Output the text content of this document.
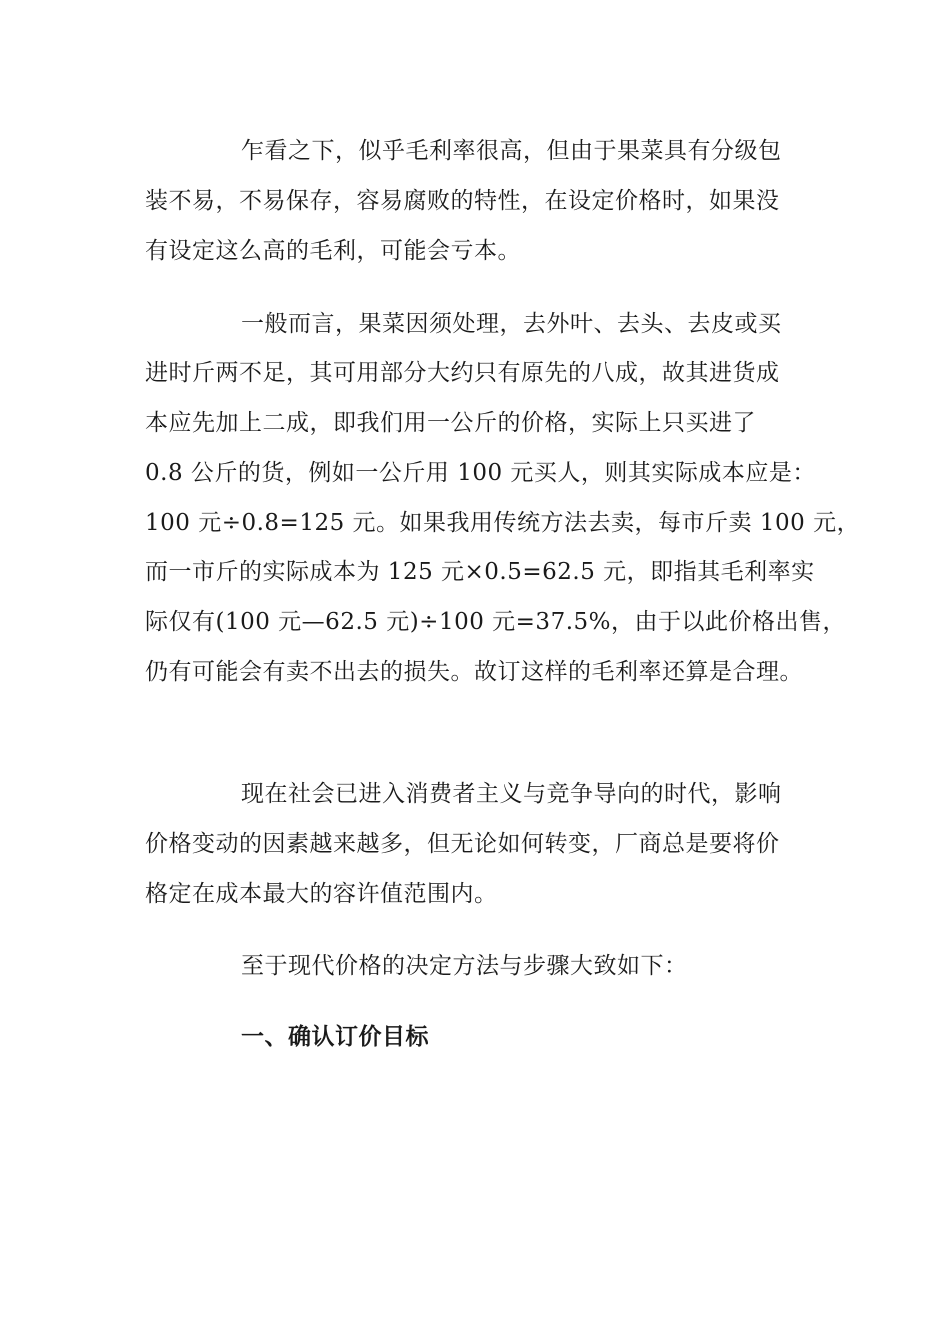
乍看之下，似乎毛利率很高，但由于果菜具有分级包
装不易，不易保存，容易腐败的特性，在设定价格时，如果没
有设定这么高的毛利，可能会亏本。
一般而言，果菜因须处理，去外叶、去头、去皮或买
进时斤两不足，其可用部分大约只有原先的八成，故其进货成
本应先加上二成，即我们用一公斤的价格，实际上只买进了
0.8 公斤的货，例如一公斤用 100 元买人，则其实际成本应是：
100 元÷0.8=125 元。如果我用传统方法去卖，每市斤卖 100 元，
而一市斤的实际成本为 125 元×0.5=62.5 元，即指其毛利率实
际仅有(100 元—62.5 元)÷100 元=37.5%，由于以此价格出售，
仍有可能会有卖不出去的损失。故订这样的毛利率还算是合理。
现在社会已进入消费者主义与竞争导向的时代，影响
价格变动的因素越来越多，但无论如何转变，厂商总是要将价
格定在成本最大的容许值范围内。
至于现代价格的决定方法与步骤大致如下：
一、确认订价目标
